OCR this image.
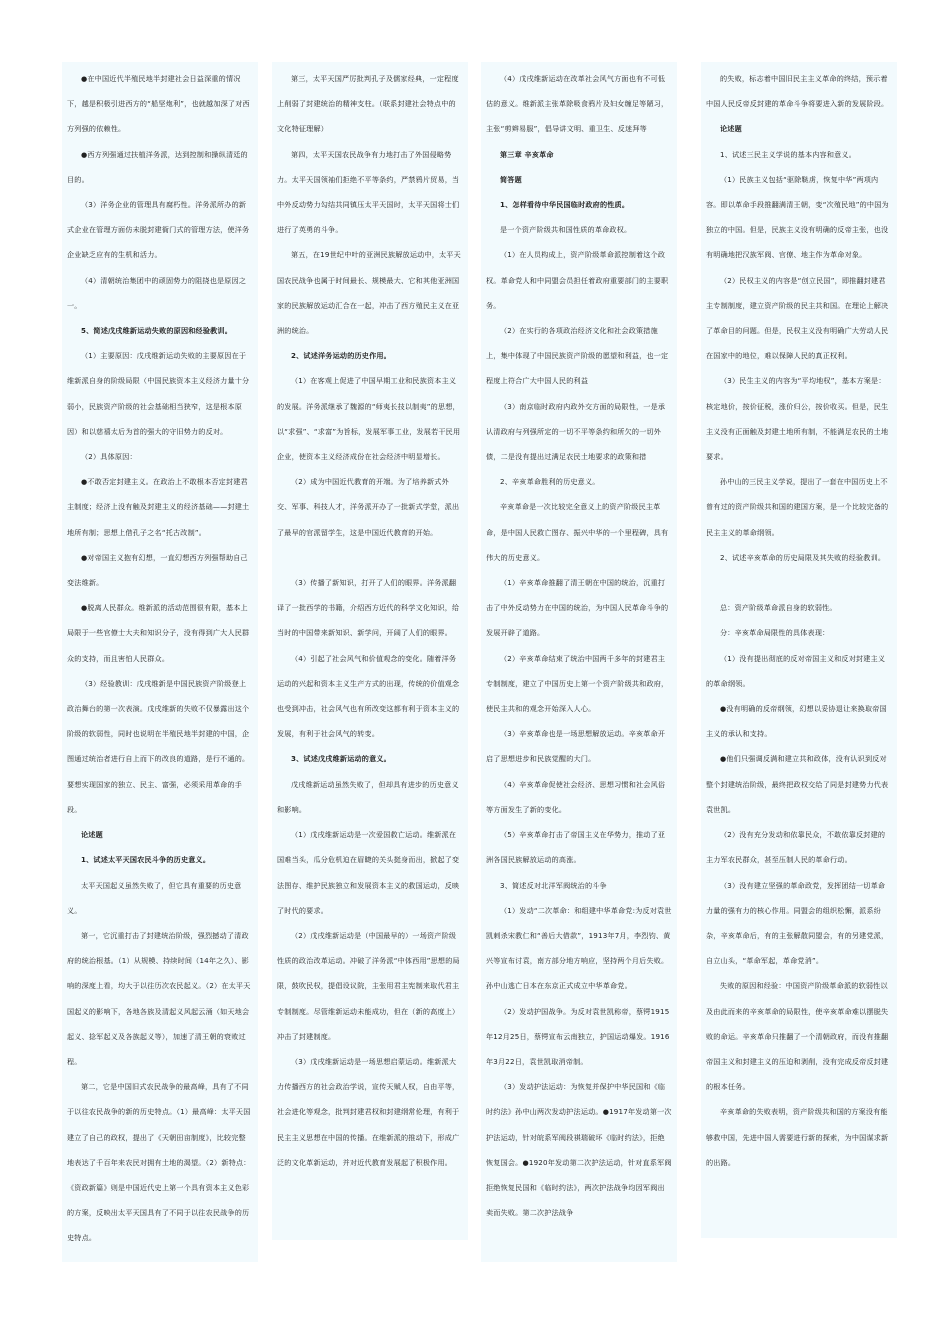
●在中国近代半殖民地半封建社会日益深重的情况下，越是积极引进西方的“船坚炮利”，也就越加深了对西方列强的依赖性。

●西方列强通过扶植洋务派，达到控制和操纵清廷的目的。

（3）洋务企业的管理具有腐朽性。洋务派所办的新式企业在管理方面仿未脱封建衙门式的管理方法，使洋务企业缺乏应有的生机和活力。

（4）清朝统治集团中的顽固势力的阻挠也是原因之一。

5、简述戊戌维新运动失败的原因和经验教训。

（1）主要原因：戊戌维新运动失败的主要原因在于维新派自身的阶级局限（中国民族资本主义经济力量十分弱小，民族资产阶级的社会基础相当狭窄，这是根本原因）和以慈禧太后为首的强大的守旧势力的反对。

（2）具体原因：

●不敢否定封建主义。在政治上不敢根本否定封建君主制度；经济上没有触及封建主义的经济基础——封建土地所有制；思想上借孔子之名“托古改制”。

●对帝国主义抱有幻想，一直幻想西方列强帮助自己变法维新。

●脱离人民群众。维新派的活动范围很有限，基本上局限于一些官僚士大夫和知识分子，没有得到广大人民群众的支持，而且害怕人民群众。

（3）经验教训：戊戌维新是中国民族资产阶级登上政治舞台的第一次表演。戊戌维新的失败不仅暴露出这个阶级的软弱性，同时也说明在半殖民地半封建的中国，企图通过统治者进行自上而下的改良的道路，是行不通的。要想实现国家的独立、民主、富强，必须采用革命的手段。

论述题

1、试述太平天国农民斗争的历史意义。

太平天国起义虽然失败了，但它具有重要的历史意义。

第一，它沉重打击了封建统治阶级，强烈撼动了清政府的统治根基。（1）从规模、持续时间（14年之久）、影响的深度上看，均大于以往历次农民起义。（2）在太平天国起义的影响下，各地各族及清起义风起云涌（如天地会起义、捻军起义及各族起义等），加速了清王朝的衰败过程。

第二，它是中国旧式农民战争的最高峰，具有了不同于以往农民战争的新的历史特点。（1）最高峰：太平天国建立了自己的政权，提出了《天朝田亩制度》，比较完整地表达了千百年来农民对拥有土地的渴望。（2）新特点：《资政新篇》则是中国近代史上第一个具有资本主义色彩的方案，反映出太平天国具有了不同于以往农民战争的历史特点。

第三，太平天国严厉批判孔子及儒家经典，一定程度上削弱了封建统治的精神支柱。（联系封建社会特点中的文化特征理解）

第四，太平天国农民战争有力地打击了外国侵略势力。太平天国领袖们拒绝不平等条约，严禁鸦片贸易，当中外反动势力勾结共同镇压太平天国时，太平天国将士们进行了英勇的斗争。

第五，在19世纪中叶的亚洲民族解放运动中，太平天国农民战争也属于时间最长、规模最大、它和其他亚洲国家的民族解放运动汇合在一起，冲击了西方殖民主义在亚洲的统治。

2、试述洋务运动的历史作用。

（1）在客观上促进了中国早期工业和民族资本主义的发展。洋务派继承了魏源的“师夷长技以制夷”的思想，以“求强”、“求富”为旨标，发展军事工业，发展若干民用企业，使资本主义经济成份在社会经济中明显增长。

（2）成为中国近代教育的开端。为了培养新式外交、军事、科技人才，洋务派开办了一批新式学堂，派出了最早的官派留学生，这是中国近代教育的开始。

（3）传播了新知识，打开了人们的眼界。洋务派翻译了一批西学的书籍，介绍西方近代的科学文化知识，给当时的中国带来新知识、新学问，开阔了人们的眼界。

（4）引起了社会风气和价值观念的变化。随着洋务运动的兴起和资本主义生产方式的出现，传统的价值观念也受到冲击，社会风气也有所改变这都有利于资本主义的发展，有利于社会风气的转变。

3、试述戊戌维新运动的意义。

戊戌维新运动虽然失败了，但却具有进步的历史意义和影响。

（1）戊戌维新运动是一次爱国救亡运动。维新派在国难当头，瓜分危机迫在眉睫的关头挺身而出，掀起了变法图存、维护民族独立和发展资本主义的救国运动，反映了时代的要求。

（2）戊戌维新运动是（中国最早的）一场资产阶级性质的政治改革运动。冲破了洋务派“中体西用”思想的局限，鼓吹民权，提倡设议院，主张用君主宪制来取代君主专制制度。尽管维新运动未能成功，但在（新的高度上）冲击了封建制度。

（3）戊戌维新运动是一场思想启蒙运动。维新派大力传播西方的社会政治学说，宣传天赋人权，自由平等，社会进化等观念，批判封建君权和封建纲常伦理，有利于民主主义思想在中国的传播。在维新派的推动下，形成广泛的文化革新运动，并对近代教育发展起了积极作用。

（4）戊戌维新运动在改革社会风气方面也有不可低估的意义。维新派主张革除吸食鸦片及妇女缠足等陋习，主张“剪辫易服”，倡导讲文明、重卫生、反迷拜等

第三章 辛亥革命

简答题

1、怎样看待中华民国临时政府的性质。

是一个资产阶级共和国性质的革命政权。

（1）在人员构成上，资产阶级革命派控制着这个政权。革命党人和中同盟会员担任着政府重要部门的主要职务。

（2）在实行的各项政治经济文化和社会政策措施上，集中体现了中国民族资产阶级的愿望和利益，也一定程度上符合广大中国人民的利益

（3）南京临时政府内政外交方面的局限性，一是承认清政府与列强所定的一切不平等条约和所欠的一切外债，二是没有提出过满足农民土地要求的政策和措

2、辛亥革命胜利的历史意义。

辛亥革命是一次比较完全意义上的资产阶级民主革命，是中国人民救亡图存、振兴中华的一个里程碑，具有伟大的历史意义。

（1）辛亥革命推翻了清王朝在中国的统治，沉重打击了中外反动势力在中国的统治，为中国人民革命斗争的发展开辟了道路。

（2）辛亥革命结束了统治中国两千多年的封建君主专制制度，建立了中国历史上第一个资产阶级共和政府，使民主共和的观念开始深入人心。

（3）辛亥革命也是一场思想解放运动。辛亥革命开启了思想进步和民族觉醒的大门。

（4）辛亥革命促使社会经济、思想习惯和社会风俗等方面发生了新的变化。

（5）辛亥革命打击了帝国主义在华势力，推动了亚洲各国民族解放运动的高涨。

3、简述反对北洋军阀统治的斗争

（1）发动“二次革命：和组建中华革命党:为反对袁世凯刺杀宋教仁和“善后大借款”，1913年7月，李烈钧、黄兴等宣布讨袁，南方部分地方响应，坚持两个月后失败。孙中山逃亡日本在东京正式成立中华革命党。

（2）发动护国战争。为反对袁世凯称帝，蔡锷1915年12月25日，蔡锷宣布云南独立，护国运动爆发。1916年3月22日，袁世凯取消帝制。

（3）发动护法运动：为恢复并保护中华民国和《临时约法》孙中山两次发动护法运动。●1917年发动第一次护法运动，针对皖系军阀段祺瑞破坏《临时约法》，拒绝恢复国会。●1920年发动第二次护法运动，针对直系军阀拒绝恢复民国和《临时约法》，两次护法战争均因军阀出卖而失败。第二次护法战争

的失败，标志着中国旧民主主义革命的终结，预示着中国人民反帝反封建的革命斗争将要进入新的发展阶段。

论述题

1、试述三民主义学说的基本内容和意义。

（1）民族主义包括“驱除鞑虏，恢复中华”两项内容。即以革命手段推翻满清王朝，变“次殖民地”的中国为独立的中国。但是，民族主义没有明确的反帝主张，也没有明确地把汉族军阀、官僚、地主作为革命对象。

（2）民权主义的内容是“创立民国”，即推翻封建君主专制制度，建立资产阶级的民主共和国。在理论上解决了革命目的问题。但是，民权主义没有明确广大劳动人民在国家中的地位，难以保障人民的真正权利。

（3）民生主义的内容为“平均地权”，基本方案是：核定地价，按价征税，涨价归公，按价收买。但是，民生主义没有正面触及封建土地所有制，不能满足农民的土地要求。

孙中山的三民主义学说，提出了一套在中国历史上不曾有过的资产阶级共和国的建国方案，是一个比较完备的民主主义的革命纲领。

2、试述辛亥革命的历史局限及其失败的经验教训。

总：资产阶级革命派自身的软弱性。

分：辛亥革命局限性的具体表现：

（1）没有提出彻底的反对帝国主义和反对封建主义的革命纲领。

●没有明确的反帝纲领，幻想以妥协退让来换取帝国主义的承认和支持。

●他们只强调反满和建立共和政体，没有认识到反对整个封建统治阶级，最终把政权交给了同是封建势力代表袁世凯。

（2）没有充分发动和依靠民众，不敢依靠反封建的主力军农民群众，甚至压制人民的革命行动。

（3）没有建立坚强的革命政党，发挥团结一切革命力量的强有力的核心作用。同盟会的组织松懈，派系纷杂，辛亥革命后，有的主张解散同盟会，有的另建党派，自立山头，“革命军起，革命党消”。

失败的原因和经验：中国资产阶级革命派的软弱性以及由此而来的辛亥革命的局限性，使辛亥革命难以摆脱失败的命运。辛亥革命只推翻了一个清朝政府，而没有推翻帝国主义和封建主义的压迫和剥削，没有完成反帝反封建的根本任务。

辛亥革命的失败表明，资产阶级共和国的方案没有能够救中国，先进中国人需要进行新的探索，为中国谋求新的出路。
